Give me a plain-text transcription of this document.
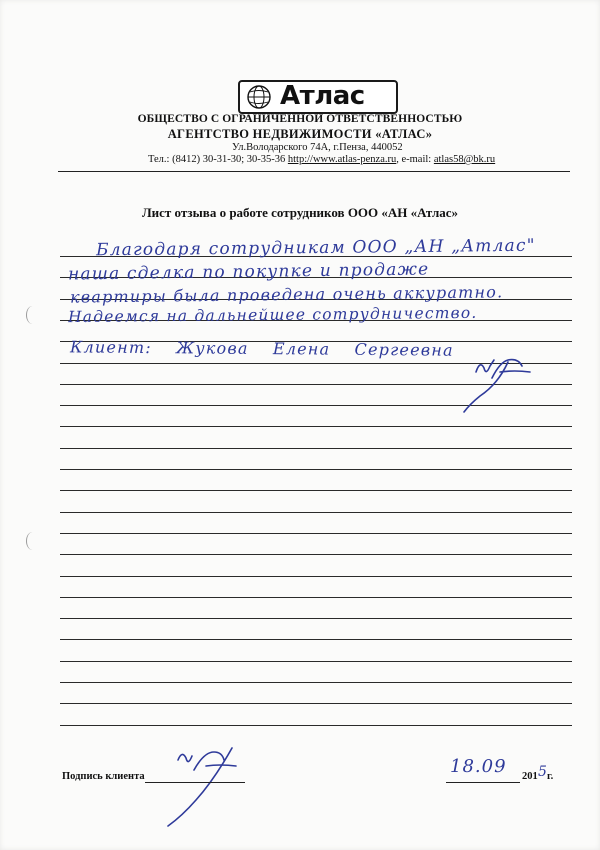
Атлас
ОБЩЕСТВО С ОГРАНИЧЕННОЙ ОТВЕТСТВЕННОСТЬЮ
АГЕНТСТВО НЕДВИЖИМОСТИ «АТЛАС»
Ул.Володарского 74А, г.Пенза, 440052
Тел.: (8412) 30-31-30; 30-35-36 http://www.atlas-penza.ru, e-mail: atlas58@bk.ru
Лист отзыва о работе сотрудников ООО «АН «Атлас»
Благодаря сотрудникам ООО „АН „Атлас"
наша сделка по покупке и продаже
квартиры была проведена очень аккуратно.
Надеемся на дальнейшее сотрудничество.
Клиент: Жукова Елена Сергеевна
Подпись клиента	18.09 201 5 г.
